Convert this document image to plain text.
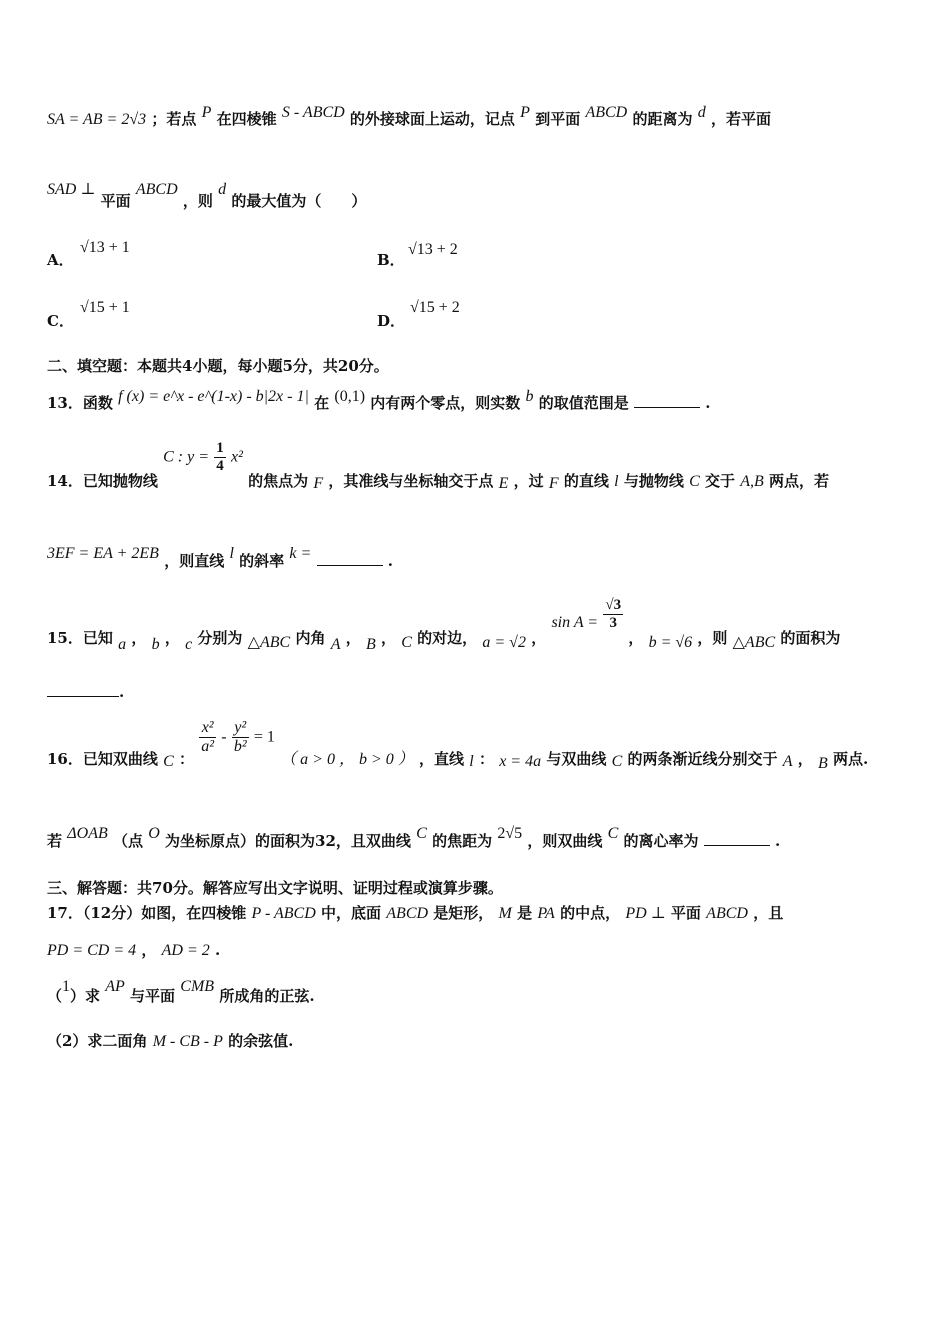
SA = AB = 2√3 ；若点 P 在四棱锥 S - ABCD 的外接球面上运动，记点 P 到平面 ABCD 的距离为 d ，若平面
SAD ⊥ 平面 ABCD ，则 d 的最大值为（　　）
A．
√13 + 1
B．
√13 + 2
C．
√15 + 1
D．
√15 + 2
二、填空题：本题共4小题，每小题5分，共20分。
13．函数 f (x) = e^x - e^(1-x) - b|2x - 1| 在 (0,1) 内有两个零点，则实数 b 的取值范围是	.
14．已知抛物线 C : $y = \frac{1}{4} x^2$ 的焦点为 F ，其准线与坐标轴交于点 E ，过 F 的直线 l 与抛物线 C 交于 A,B 两点，若
3EF = EA + 2EB ，则直线 l 的斜率 k =	.
15．已知 a ， b ， c 分别为 △ABC 内角 A ， B ， C 的对边， a = √2 ， $\sin A = \frac{√3}{3}$
， b = √6 ，则 △ABC 的面积为
.
16．已知双曲线 C ：
$\frac{\text{x²}}{\text{a²}} - \frac{\text{y²}}{\text{b²}} = 1$ （ a > 0 ， b > 0 ） ，直线 l ： x = 4a 与双曲线 C 的两条渐近线分别交于 A ， B 两点.
若 ΔOAB （点 O 为坐标原点）的面积为32，且双曲线 C 的焦距为 2√5 ，则双曲线 C 的离心率为	.
三、解答题：共70分。解答应写出文字说明、证明过程或演算步骤。
17．（12分）如图，在四棱锥 P - ABCD 中，底面 ABCD 是矩形， M 是 PA 的中点， PD ⊥ 平面 ABCD ，且
PD = CD = 4 ， AD = 2 .
（1）求 AP 与平面 CMB 所成角的正弦.
（2）求二面角 M - CB - P 的余弦值.
